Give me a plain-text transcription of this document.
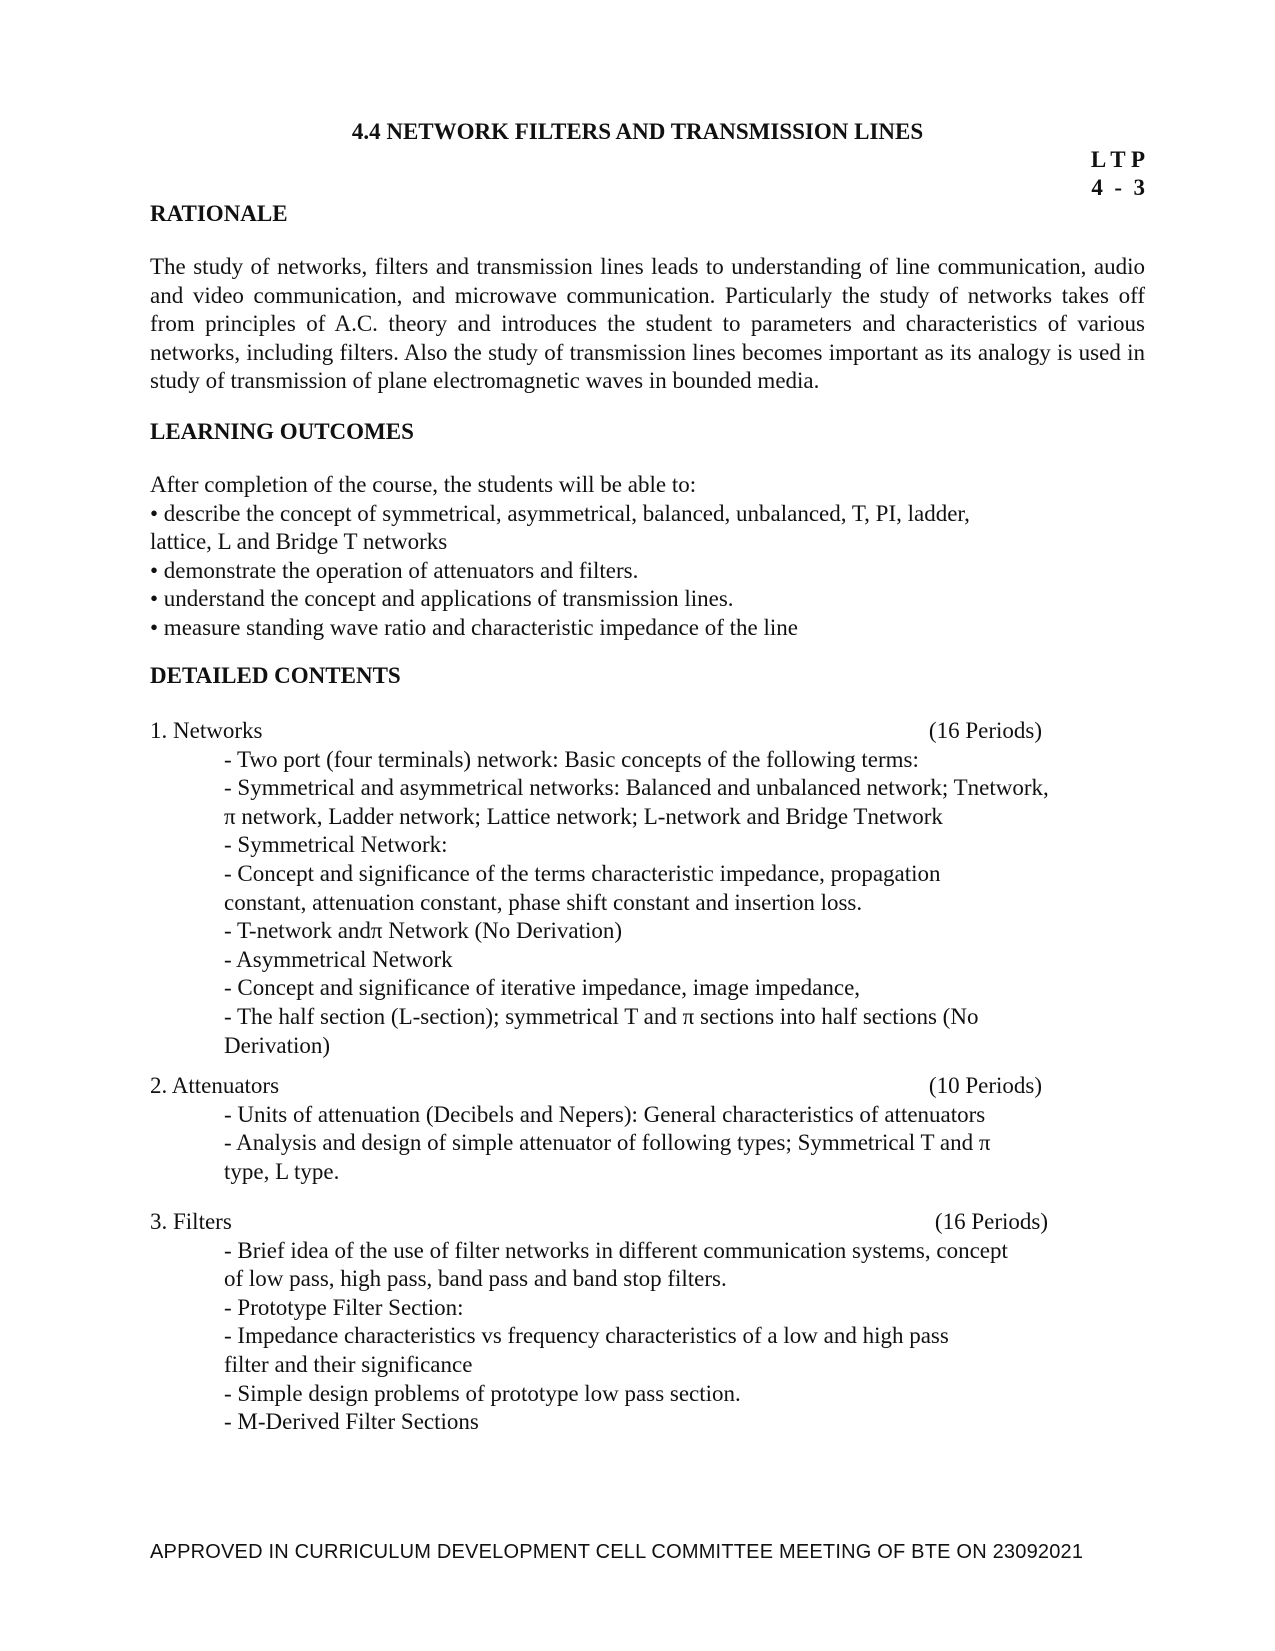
4.4 NETWORK FILTERS AND TRANSMISSION LINES
L T P
4  -  3
RATIONALE

The study of networks, filters and transmission lines leads to understanding of line communication, audio and video communication, and microwave communication. Particularly the study of networks takes off from principles of A.C. theory and introduces the student to parameters and characteristics of various networks, including filters. Also the study of transmission lines becomes important as its analogy is used in study of transmission of plane electromagnetic waves in bounded media.

LEARNING OUTCOMES
After completion of the course, the students will be able to:
• describe the concept of symmetrical, asymmetrical, balanced, unbalanced, T, PI, ladder,
lattice, L and Bridge T networks
• demonstrate the operation of attenuators and filters.
• understand the concept and applications of transmission lines.
• measure standing wave ratio and characteristic impedance of the line
DETAILED CONTENTS
1. Networks	(16 Periods)
- Two port (four terminals) network: Basic concepts of the following terms:
- Symmetrical and asymmetrical networks: Balanced and unbalanced network; Tnetwork,
π network, Ladder network; Lattice network; L-network and Bridge Tnetwork
- Symmetrical Network:
- Concept and significance of the terms characteristic impedance, propagation
constant, attenuation constant, phase shift constant and insertion loss.
- T-network andπ Network (No Derivation)
- Asymmetrical Network
- Concept and significance of iterative impedance, image impedance,
- The half section (L-section); symmetrical T and π sections into half sections (No
Derivation)
2. Attenuators	(10 Periods)
- Units of attenuation (Decibels and Nepers): General characteristics of attenuators
- Analysis and design of simple attenuator of following types; Symmetrical T and π
type, L type.
3. Filters	(16 Periods)
- Brief idea of the use of filter networks in different communication systems, concept
of low pass, high pass, band pass and band stop filters.
- Prototype Filter Section:
- Impedance characteristics vs frequency characteristics of a low and high pass
filter and their significance
- Simple design problems of prototype low pass section.
- M-Derived Filter Sections
APPROVED IN CURRICULUM DEVELOPMENT CELL COMMITTEE MEETING OF BTE ON 23092021
